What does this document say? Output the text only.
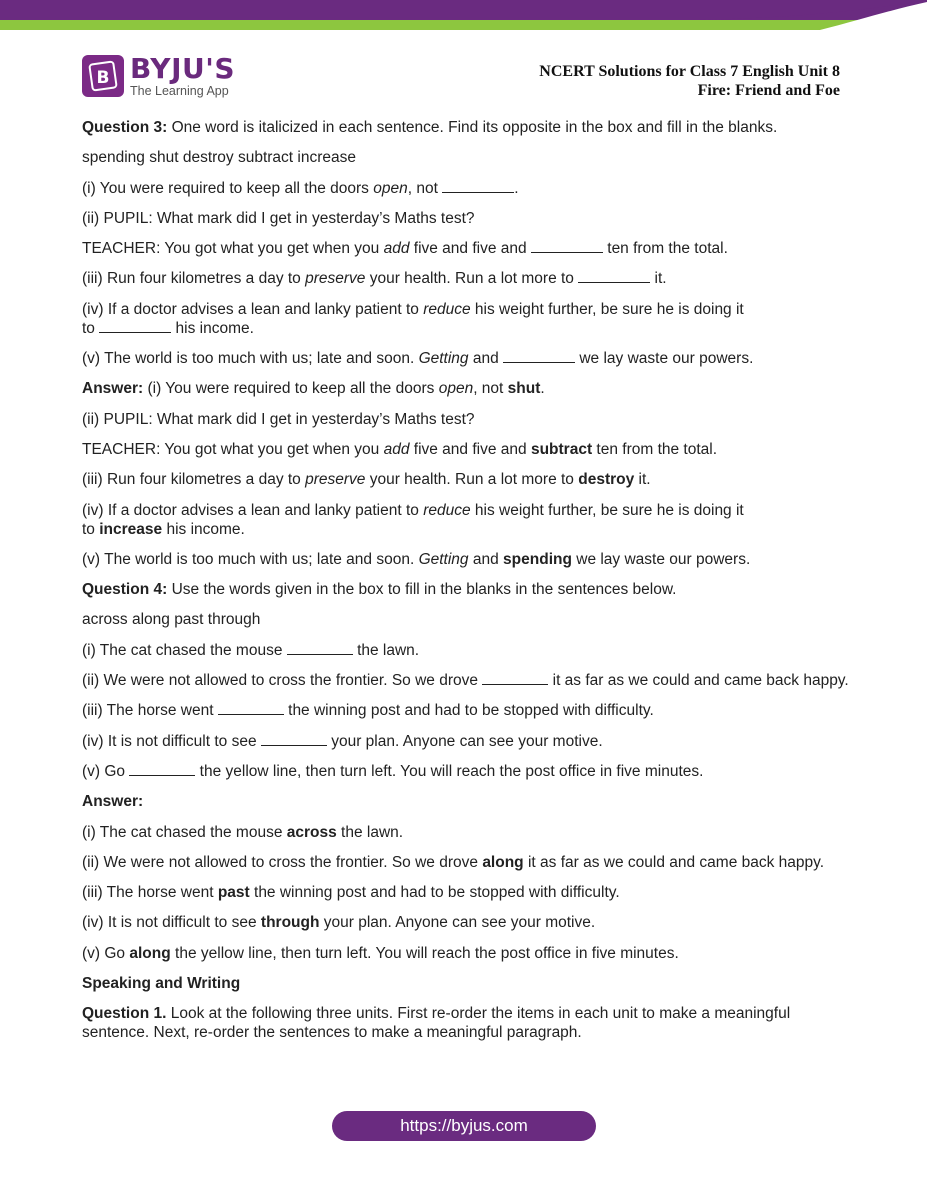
B BYJU'S
The Learning App
NCERT Solutions for Class 7 English Unit 8
Fire: Friend and Foe

Question 3: One word is italicized in each sentence. Find its opposite in the box and fill in the blanks.

spending shut destroy subtract increase

(i) You were required to keep all the doors open, not	.

(ii) PUPIL: What mark did I get in yesterday’s Maths test?

TEACHER: You got what you get when you add five and five and	ten from the total.

(iii) Run four kilometres a day to preserve your health. Run a lot more to	it.

(iv) If a doctor advises a lean and lanky patient to reduce his weight further, be sure he is doing it
to	his income.

(v) The world is too much with us; late and soon. Getting and	we lay waste our powers.

Answer: (i) You were required to keep all the doors open, not shut.

(ii) PUPIL: What mark did I get in yesterday’s Maths test?

TEACHER: You got what you get when you add five and five and subtract ten from the total.

(iii) Run four kilometres a day to preserve your health. Run a lot more to destroy it.

(iv) If a doctor advises a lean and lanky patient to reduce his weight further, be sure he is doing it
to increase his income.

(v) The world is too much with us; late and soon. Getting and spending we lay waste our powers.

Question 4: Use the words given in the box to fill in the blanks in the sentences below.

across along past through

(i) The cat chased the mouse	the lawn.

(ii) We were not allowed to cross the frontier. So we drove	it as far as we could and came back happy.

(iii) The horse went	the winning post and had to be stopped with difficulty.

(iv) It is not difficult to see	your plan. Anyone can see your motive.

(v) Go	the yellow line, then turn left. You will reach the post office in five minutes.

Answer:

(i) The cat chased the mouse across the lawn.

(ii) We were not allowed to cross the frontier. So we drove along it as far as we could and came back happy.

(iii) The horse went past the winning post and had to be stopped with difficulty.

(iv) It is not difficult to see through your plan. Anyone can see your motive.

(v) Go along the yellow line, then turn left. You will reach the post office in five minutes.

Speaking and Writing

Question 1. Look at the following three units. First re-order the items in each unit to make a meaningful sentence. Next, re-order the sentences to make a meaningful paragraph.

https://byjus.com
